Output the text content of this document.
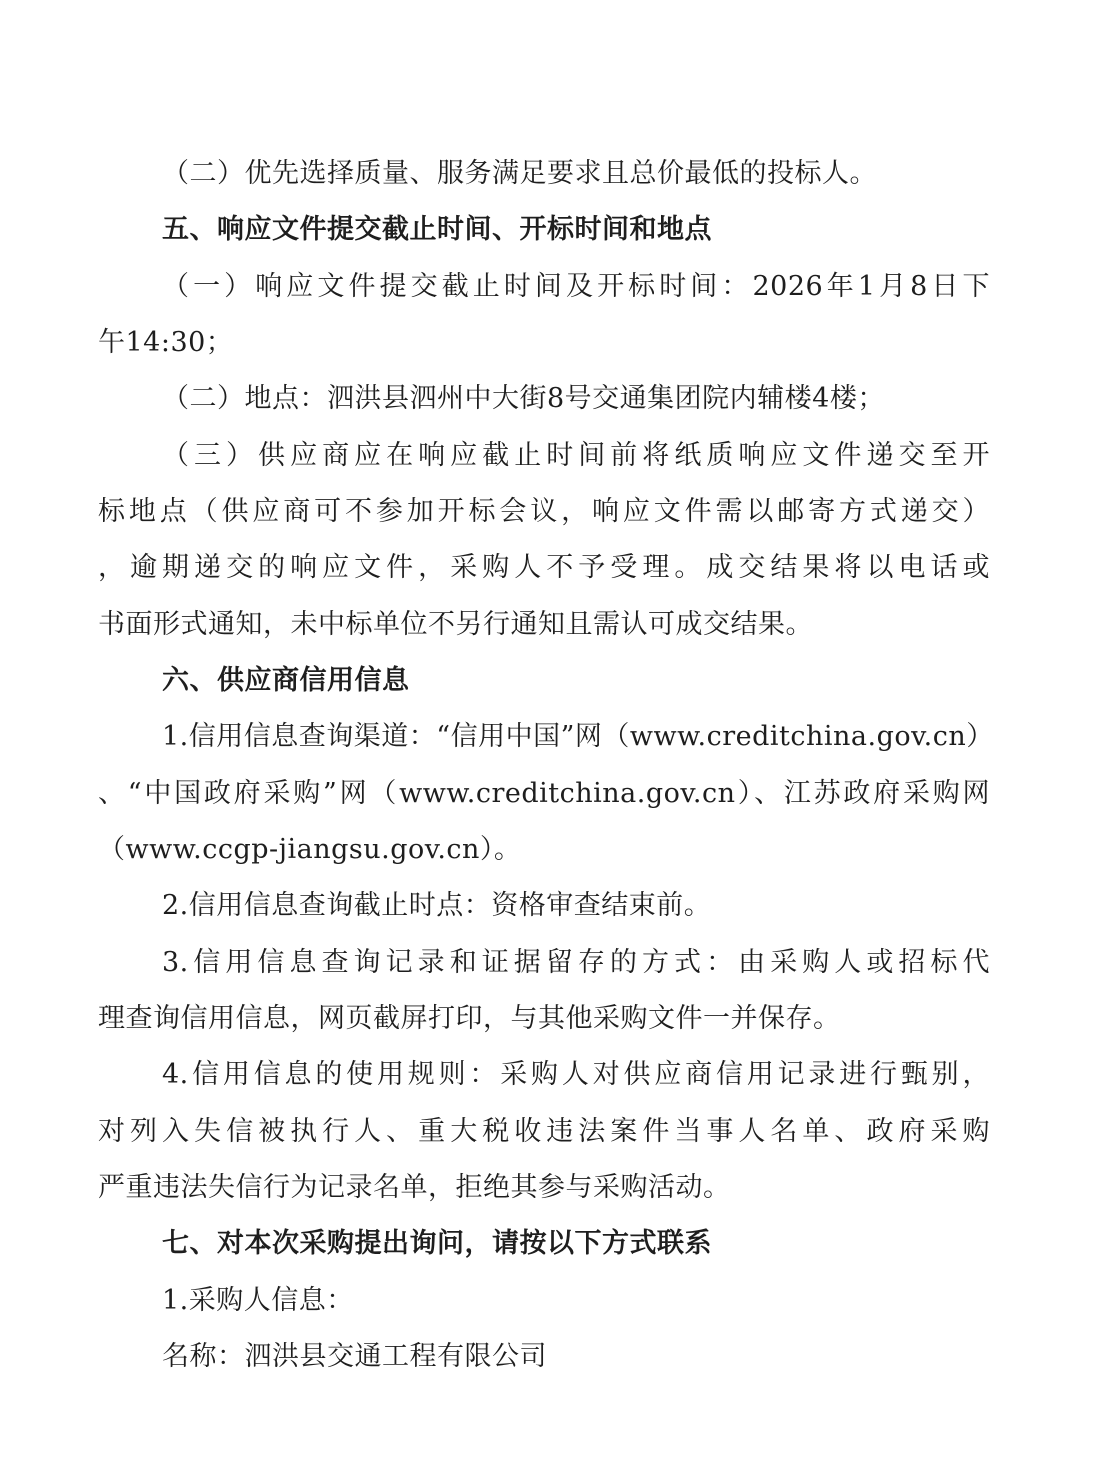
（二）优先选择质量、服务满足要求且总价最低的投标人。
五、响应文件提交截止时间、开标时间和地点
（一）响应文件提交截止时间及开标时间：2026年1月8日下
午14:30；
（二）地点：泗洪县泗州中大街8号交通集团院内辅楼4楼；
（三）供应商应在响应截止时间前将纸质响应文件递交至开
标地点（供应商可不参加开标会议，响应文件需以邮寄方式递交）
，逾期递交的响应文件，采购人不予受理。成交结果将以电话或
书面形式通知，未中标单位不另行通知且需认可成交结果。
六、供应商信用信息
1.信用信息查询渠道：“信用中国”网（www.creditchina.gov.cn）
、“中国政府采购”网（www.creditchina.gov.cn）、江苏政府采购网
（www.ccgp-jiangsu.gov.cn）。
2.信用信息查询截止时点：资格审查结束前。
3.信用信息查询记录和证据留存的方式：由采购人或招标代
理查询信用信息，网页截屏打印，与其他采购文件一并保存。
4.信用信息的使用规则：采购人对供应商信用记录进行甄别，
对列入失信被执行人、重大税收违法案件当事人名单、政府采购
严重违法失信行为记录名单，拒绝其参与采购活动。
七、对本次采购提出询问，请按以下方式联系
1.采购人信息：
名称：泗洪县交通工程有限公司
